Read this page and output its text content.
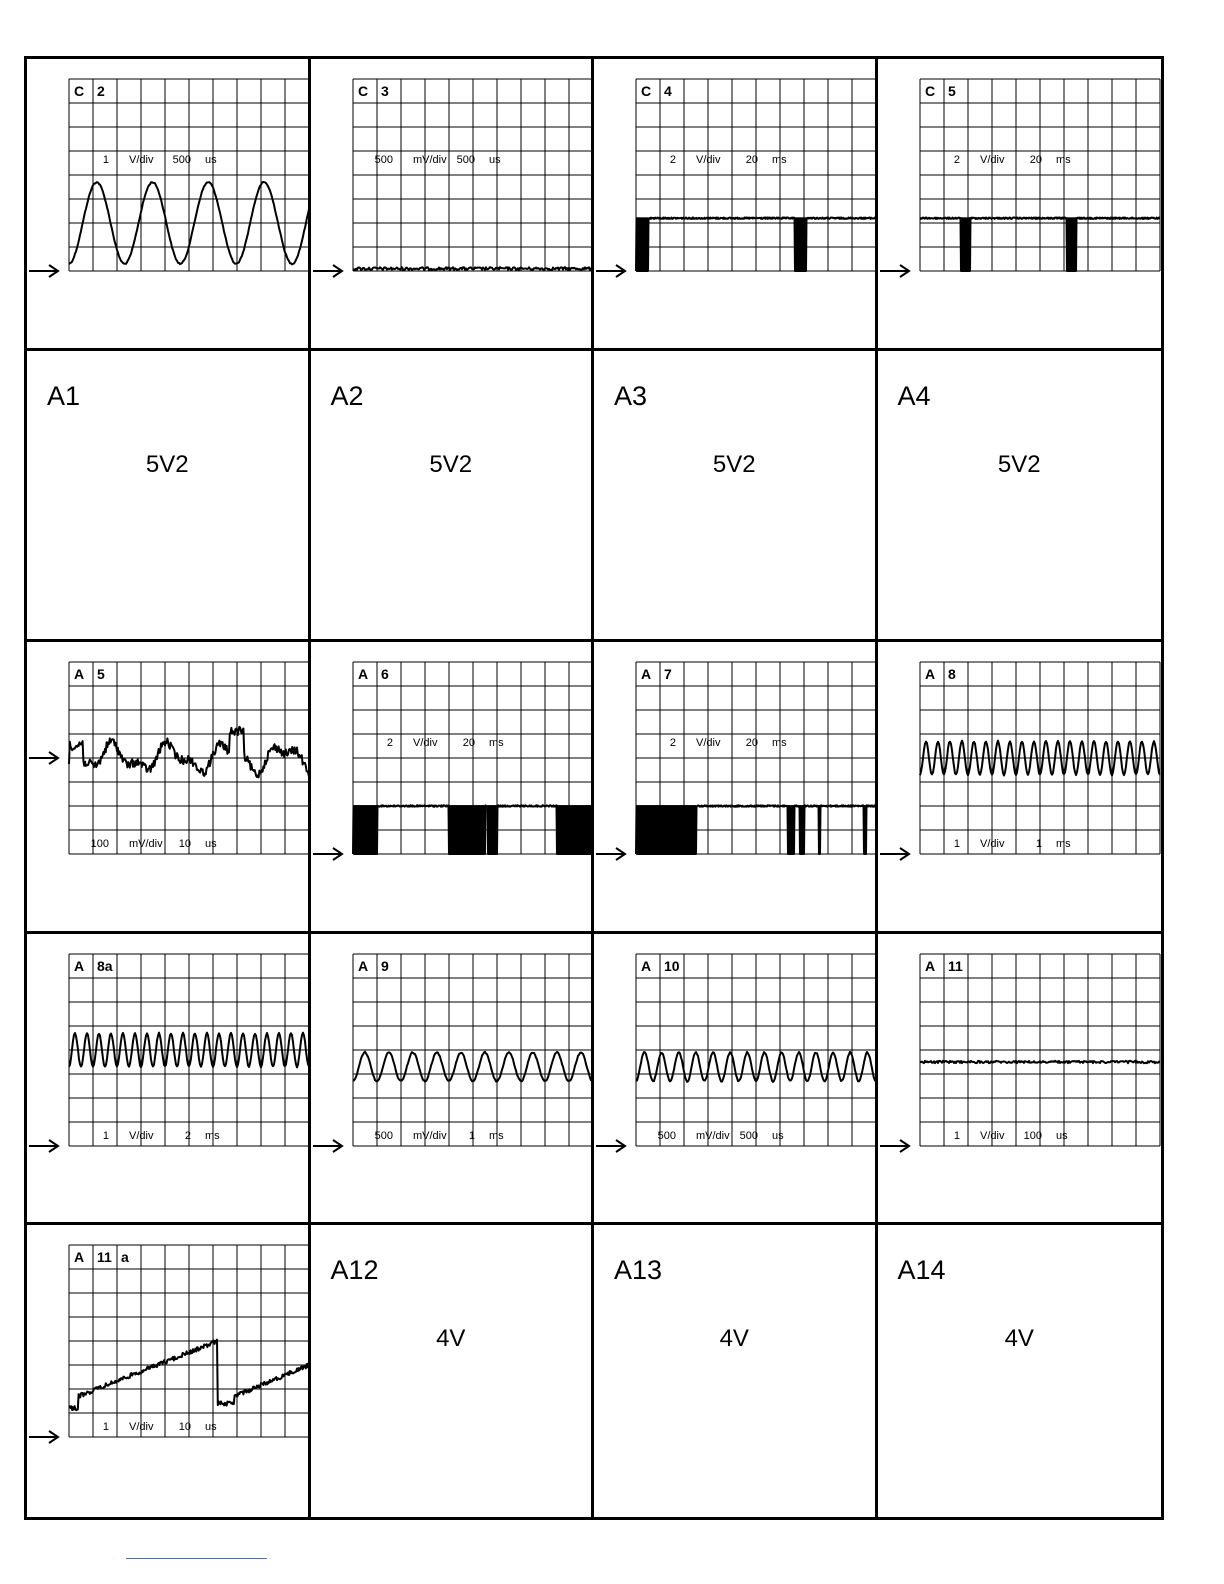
C 2
1 V/div 500 us
C 3
500 mV/div 500 us
C 4
2 V/div 20 ms
C 5
2 V/div 20 ms
A1
5V2
A2
5V2
A3
5V2
A4
5V2
A 5
100 mV/div 10 us
A 6
2 V/div 20 ms
A 7
2 V/div 20 ms
A 8
1 V/div	1 ms
A 8a
1 V/div	2 ms
A 9
500 mV/div 1 ms
A 10
500 mV/div 500 us
A 11
1 V/div 100 us
A 11 a
1 V/div 10 us
A12
4V
A13
4V
A14
4V
